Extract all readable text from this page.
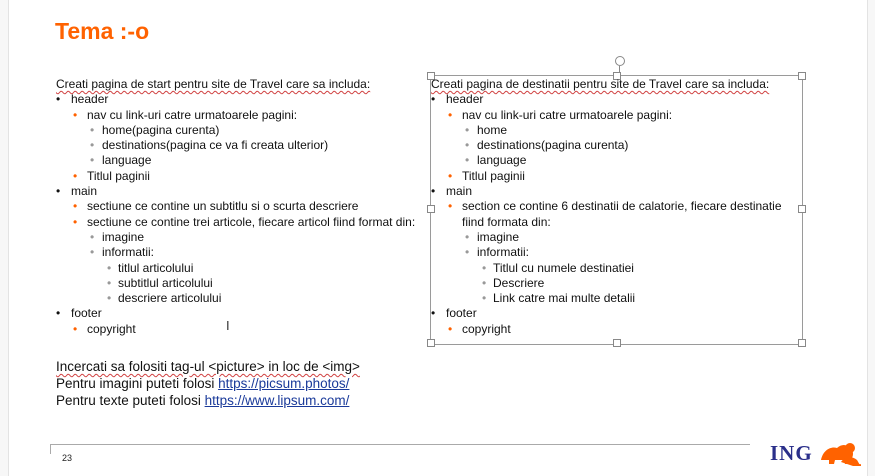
Tema :-o
Creati pagina de start pentru site de Travel care sa includa:
• header
• nav cu link-uri catre urmatoarele pagini:
• home(pagina curenta)
• destinations(pagina ce va fi creata ulterior)
• language
• Titlul paginii
• main
• sectiune ce contine un subtitlu si o scurta descriere
• sectiune ce contine trei articole, fiecare articol fiind format din:
• imagine
• informatii:
• titlul articolului
• subtitlul articolului
• descriere articolului
• footer
• copyright
Creati pagina de destinatii pentru site de Travel care sa includa:
• header
• nav cu link-uri catre urmatoarele pagini:
• home
• destinations(pagina curenta)
• language
• Titlul paginii
• main
• section ce contine 6 destinatii de calatorie, fiecare destinatie
fiind formata din:
• imagine
• informatii:
• Titlul cu numele destinatiei
• Descriere
• Link catre mai multe detalii
• footer
• copyright
I
Incercati sa folositi tag-ul <picture> in loc de <img>
Pentru imagini puteti folosi https://picsum.photos/
Pentru texte puteti folosi https://www.lipsum.com/
23	ING
